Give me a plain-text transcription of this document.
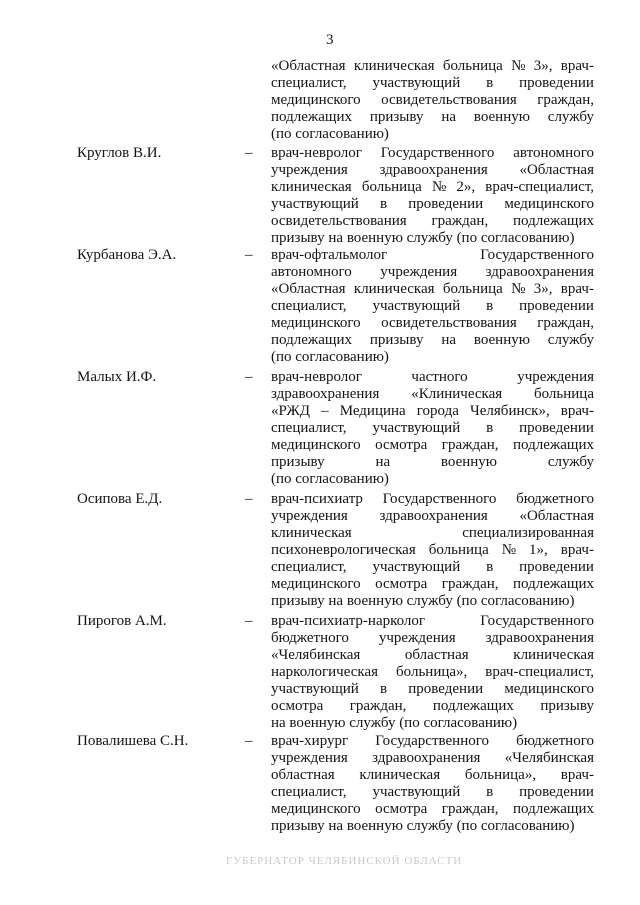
3
«Областная клиническая больница № 3», врач-
специалист, участвующий в проведении
медицинского освидетельствования граждан,
подлежащих призыву на военную службу
(по согласованию)
Круглов В.И.	– врач-невролог Государственного автономного
учреждения здравоохранения «Областная
клиническая больница № 2», врач-специалист,
участвующий в проведении медицинского
освидетельствования граждан, подлежащих
призыву на военную службу (по согласованию)
Курбанова Э.А.	– врач-офтальмолог	Государственного
автономного учреждения здравоохранения
«Областная клиническая больница № 3», врач-
специалист, участвующий в проведении
медицинского освидетельствования граждан,
подлежащих призыву на военную службу
(по согласованию)
Малых И.Ф.	– врач-невролог	частного	учреждения
здравоохранения «Клиническая больница
«РЖД – Медицина города Челябинск», врач-
специалист, участвующий в проведении
медицинского осмотра граждан, подлежащих
призыву	на	военную	службу
(по согласованию)
Осипова Е.Д.	– врач-психиатр Государственного бюджетного
учреждения здравоохранения «Областная
клиническая	специализированная
психоневрологическая больница № 1», врач-
специалист, участвующий в проведении
медицинского осмотра граждан, подлежащих
призыву на военную службу (по согласованию)
Пирогов А.М.	– врач-психиатр-нарколог	Государственного
бюджетного учреждения здравоохранения
«Челябинская	областная	клиническая
наркологическая больница», врач-специалист,
участвующий в проведении медицинского
осмотра граждан, подлежащих призыву
на военную службу (по согласованию)
Повалишева С.Н.	– врач-хирург Государственного бюджетного
учреждения здравоохранения «Челябинская
областная клиническая больница», врач-
специалист, участвующий в проведении
медицинского осмотра граждан, подлежащих
призыву на военную службу (по согласованию)
ГУБЕРНАТОР ЧЕЛЯБИНСКОЙ ОБЛАСТИ
